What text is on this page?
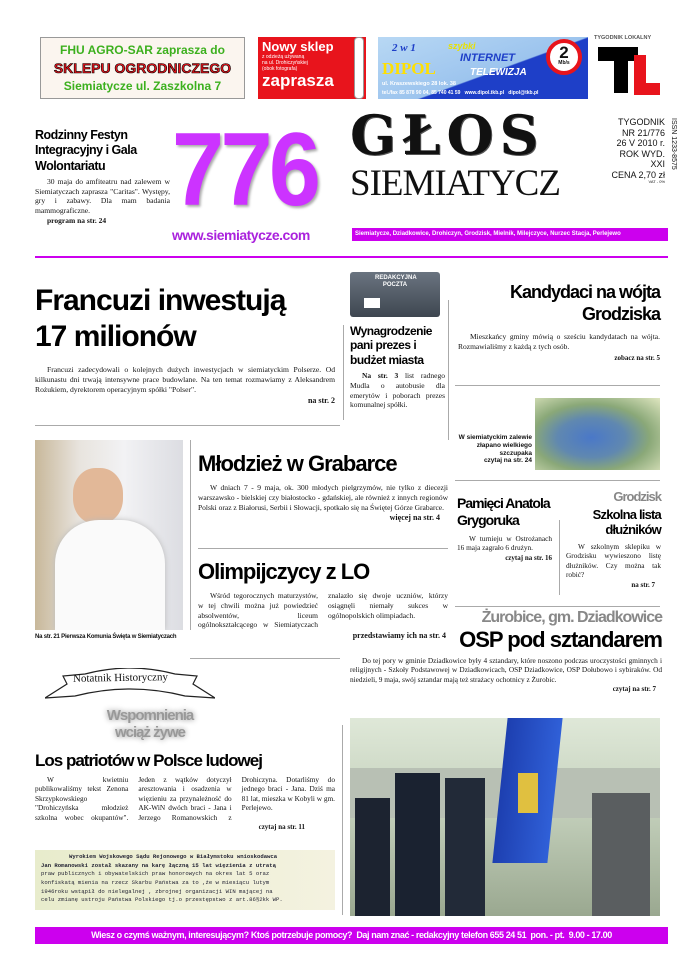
FHU AGRO-SAR zaprasza do
SKLEPU OGRODNICZEGO
Siemiatycze ul. Zaszkolna 7
Nowy sklep
z odzieżą używaną
na ul. Drohiczyńskiej
(obok fotografa)
zaprasza
2 w 1	szybki
INTERNET
DIPOL	TELEWIZJA
2
Mb/s
ul. Kraszewskiego 28 lok. 38
tel./fax 85 878 90 04, 85 740 41 59   www.dipol.tkb.pl   dipol@tkb.pl
TYGODNIK LOKALNY
Rodzinny Festyn Integracyjny i Gala Wolontariatu
30 maja do amfiteatru nad zalewem w Siemiatyczach zaprasza "Caritas". Występy, gry i zabawy. Dla mam badania mammograficzne.
program na str. 24 776
www.siemiatycze.com
GŁOS
SIEMIATYCZ
TYGODNIK
NR 21/776
26 V 2010 r.
ROK WYD. XXI
CENA 2,70 zł
VAT - 0%
ISSN 1233-8575
Siemiatycze, Dziadkowice, Drohiczyn, Grodzisk, Mielnik, Milejczyce, Nurzec Stacja, Perlejewo
Francuzi inwestują
17 milionów
Francuzi zadecydowali o kolejnych dużych inwestycjach w siemiatyckim Polserze. Od kilkunastu dni trwają intensywne prace budowlane. Na ten temat rozmawiamy z Aleksandrem Rożukiem, dyrektorem operacyjnym spółki "Polser".
na str. 2
REDAKCYJNA POCZTA
Wynagrodzenie pani prezes i budżet miasta
Na str. 3 list radnego Mudla o autobusie dla emerytów i poborach prezes komunalnej spółki.
Kandydaci na wójta Grodziska
Mieszkańcy gminy mówią o sześciu kandydatach na wójta. Rozmawialiśmy z każdą z tych osób.
zobacz na str. 5
W siemiatyckim zalewie złapano wielkiego szczupaka
czytaj na str. 24
Na str. 21 Pierwsza Komunia Święta w Siemiatyczach
Młodzież w Grabarce
W dniach 7 - 9 maja, ok. 300 młodych pielgrzymów, nie tylko z diecezji warszawsko - bielskiej czy białostocko - gdańskiej, ale również z innych regionów Polski oraz z Białorusi, Serbii i Słowacji, spotkało się na Świętej Górze Grabarce.
więcej na str. 4
Olimpijczycy z LO
Wśród tegorocznych maturzystów, w tej chwili można już powiedzieć absolwentów, liceum ogólnokształcącego w Siemiatyczach znalazło się dwoje uczniów, którzy osiągnęli niemały sukces w ogólnopolskich olimpiadach.
przedstawiamy ich na str. 4
Pamięci Anatola Grygoruka
W turnieju w Ostrożanach 16 maja zagrało 6 drużyn.
czytaj na str. 16
Grodzisk
Szkolna lista dłużników
W szkolnym sklepiku w Grodzisku wywieszono listę dłużników. Czy można tak robić?
na str. 7
Żurobice, gm. Dziadkowice
OSP pod sztandarem
Do tej pory w gminie Dziadkowice były 4 sztandary, które noszono podczas uroczystości gminnych i religijnych - Szkoły Podstawowej w Dziadkowicach, OSP Dziadkowice, OSP Dołubowo i sybiraków. Od niedzieli, 9 maja, swój sztandar mają też strażacy ochotnicy z Żurobic.
czytaj na str. 7
Notatnik Historyczny
Wspomnienia
wciąż żywe
Los patriotów w Polsce ludowej
W kwietniu publikowaliśmy tekst Zenona Skrzypkowskiego "Drohiczyńska młodzież szkolna wobec okupantów". Jeden z wątków dotyczył aresztowania i osadzenia w więzieniu za przynależność do AK-WiN dwóch braci - Jana i Jerzego Romanowskich z Drohiczyna. Dotarliśmy do jednego braci - Jana. Dziś ma 81 lat, mieszka w Kobyli w gm. Perlejewo.
czytaj na str. 11
Wyrokiem Wojskowego Sądu Rejonowego w Białymstoku wnioskodawca
Jan Romanowski został skazany na karę łączną 15 lat więzienia z utratą
praw publicznych i obywatelskich praw honorowych na okres lat 5 oraz
konfiskatą mienia na rzecz Skarbu Państwa za to ,że w miesiącu lutym
1946roku wstąpił do nielegalnej , zbrojnej organizacji WIN mającej na
celu zmianę ustroju Państwa Polskiego tj.o przestępstwo z art.86§2kk WP.
Wiesz o czymś ważnym, interesującym? Ktoś potrzebuje pomocy?  Daj nam znać - redakcyjny telefon 655 24 51  pon. - pt.  9.00 - 17.00
